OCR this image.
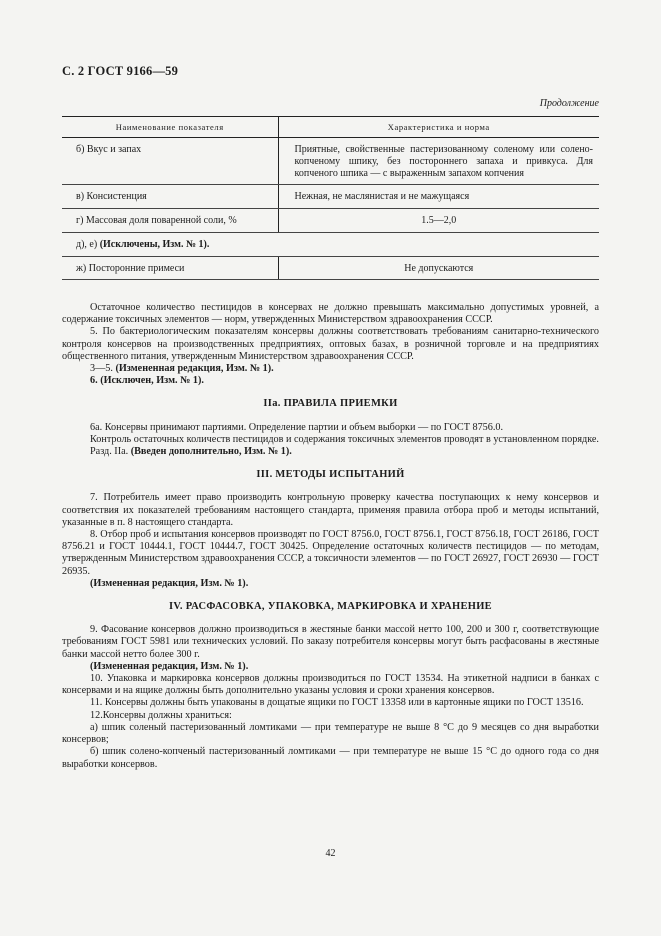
С. 2 ГОСТ 9166—59

Продолжение

Наименование показателя	Характеристика и норма
б) Вкус и запах	Приятные, свойственные пастеризованному соленому или солено-копченому шпику, без постороннего запаха и привкуса. Для копченого шпика — с выраженным запахом копчения
в) Консистенция	Нежная, не маслянистая и не мажущаяся
г) Массовая доля поваренной соли, %	1.5—2,0
д), е) (Исключены, Изм. № 1).	
ж) Посторонние примеси	Не допускаются

Остаточное количество пестицидов в консервах не должно превышать максимально допустимых уровней, а содержание токсичных элементов — норм, утвержденных Министерством здравоохранения СССР.

5. По бактериологическим показателям консервы должны соответствовать требованиям санитарно-технического контроля консервов на производственных предприятиях, оптовых базах, в розничной торговле и на предприятиях общественного питания, утвержденным Министерством здравоохранения СССР.

3—5. (Измененная редакция, Изм. № 1).

6. (Исключен, Изм. № 1).

IIа. ПРАВИЛА ПРИЕМКИ

6а. Консервы принимают партиями. Определение партии и объем выборки — по ГОСТ 8756.0.

Контроль остаточных количеств пестицидов и содержания токсичных элементов проводят в установленном порядке.

Разд. IIа. (Введен дополнительно, Изм. № 1).

III. МЕТОДЫ ИСПЫТАНИЙ

7. Потребитель имеет право производить контрольную проверку качества поступающих к нему консервов и соответствия их показателей требованиям настоящего стандарта, применяя правила отбора проб и методы испытаний, указанные в п. 8 настоящего стандарта.

8. Отбор проб и испытания консервов производят по ГОСТ 8756.0, ГОСТ 8756.1, ГОСТ 8756.18, ГОСТ 26186, ГОСТ 8756.21 и ГОСТ 10444.1, ГОСТ 10444.7, ГОСТ 30425. Определение остаточных количеств пестицидов — по методам, утвержденным Министерством здравоохранения СССР, а токсичности элементов — по ГОСТ 26927, ГОСТ 26930 — ГОСТ 26935.

(Измененная редакция, Изм. № 1).

IV. РАСФАСОВКА, УПАКОВКА, МАРКИРОВКА И ХРАНЕНИЕ

9. Фасование консервов должно производиться в жестяные банки массой нетто 100, 200 и 300 г, соответствующие требованиям ГОСТ 5981 или технических условий. По заказу потребителя консервы могут быть расфасованы в жестяные банки массой нетто более 300 г.

(Измененная редакция, Изм. № 1).

10. Упаковка и маркировка консервов должны производиться по ГОСТ 13534. На этикетной надписи в банках с консервами и на ящике должны быть дополнительно указаны условия и сроки хранения консервов.

11. Консервы должны быть упакованы в дощатые ящики по ГОСТ 13358 или в картонные ящики по ГОСТ 13516.

12.Консервы должны храниться:

а) шпик соленый пастеризованный ломтиками — при температуре не выше 8 °С до 9 месяцев со дня выработки консервов;

б) шпик солено-копченый пастеризованный ломтиками — при температуре не выше 15 °С до одного года со дня выработки консервов.

42
